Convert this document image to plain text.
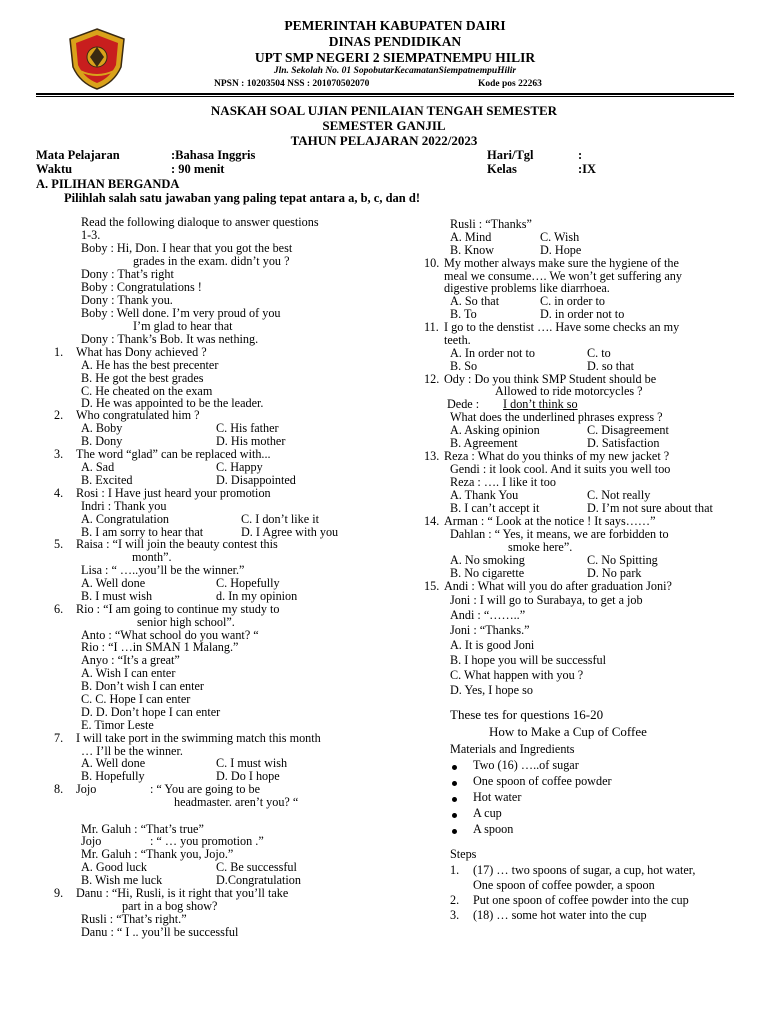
PEMERINTAH KABUPATEN DAIRI
DINAS PENDIDIKAN
UPT SMP NEGERI 2 SIEMPATNEMPU HILIR
Jln. Sekolah No. 01 SopobutarKecamatanSiempatnempuHilir
NPSN : 10203504 NSS : 201070502070	Kode pos 22263
NASKAH SOAL UJIAN PENILAIAN TENGAH SEMESTER
SEMESTER GANJIL
TAHUN PELAJARAN 2022/2023
Mata Pelajaran	:Bahasa Inggris
Waktu	: 90 menit
Hari/Tgl	:
Kelas	:IX
A. PILIHAN BERGANDA
Pilihlah salah satu jawaban yang paling tepat antara a, b, c, dan d!
Read the following dialoque to answer questions
1-3.
Boby : Hi, Don. I hear that you got the best
grades in the exam. didn’t you ?
Dony : That’s right
Boby : Congratulations !
Dony : Thank you.
Boby : Well done. I’m very proud of you
I’m glad to hear that
Dony : Thank’s Bob. It was nething.
1. What has Dony achieved ?
A. He has the best precenter
B. He got the best grades
C. He cheated on the exam
D. He was appointed to be the leader.
2. Who congratulated him ?
A. Boby	C. His father
B. Dony	D. His mother
3. The word “glad” can be replaced with...
A. Sad	C. Happy
B. Excited	D. Disappointed
4. Rosi : I Have just heard your promotion
Indri : Thank you
A. Congratulation	C. I don’t like it
B. I am sorry to hear that	D. I Agree with you
5. Raisa : “I will join the beauty contest this
month”.
Lisa : “ …..you’ll be the winner.”
A. Well done	C. Hopefully
B. I must wish	d. In my opinion
6. Rio : “I am going to continue my study to
senior high school”.
Anto : “What school do you want? “
Rio : “I …in SMAN 1 Malang.”
Anyo : “It’s a great”
A. Wish I can enter
B. Don’t wish I can enter
C. C. Hope I can enter
D. D. Don’t hope I can enter
E. Timor Leste
7. I will take port in the swimming match this month
… I’ll be the winner.
A. Well done	C. I must wish
B. Hopefully	D. Do I hope
8. Jojo	: “ You are going to be
headmaster. aren’t you? “
Mr. Galuh : “That’s true”
Jojo	: “ … you promotion .”
Mr. Galuh : “Thank you, Jojo.”
A. Good luck	C. Be successful
B. Wish me luck	D.Congratulation
9. Danu : “Hi, Rusli, is it right that you’ll take
part in a bog show?
Rusli : “That’s right.”
Danu : “ I .. you’ll be successful
Rusli : “Thanks”
A. Mind	C. Wish
B. Know	D. Hope
10. My mother always make sure the hygiene of the
meal we consume…. We won’t get suffering any
digestive problems like diarrhoea.
A. So that	C. in order to
B. To	D. in order not to
11. I go to the denstist …. Have some checks an my
teeth.
A. In order not to	C. to
B. So	D. so that
12. Ody : Do you think SMP Student should be
Allowed to ride motorcycles ?
Dede : I don’t think so
What does the underlined phrases express ?
A. Asking opinion	C. Disagreement
B. Agreement	D. Satisfaction
13. Reza : What do you thinks of my new jacket ?
Gendi : it look cool. And it suits you well too
Reza : …. I like it too
A. Thank You	C. Not really
B. I can’t accept it	D. I’m not sure about that
14. Arman : “ Look at the notice ! It says……”
Dahlan : “ Yes, it means, we are forbidden to
smoke here”.
A. No smoking	C. No Spitting
B. No cigarette	D. No park
15. Andi : What will you do after graduation Joni?
Joni : I will go to Surabaya, to get a job
Andi : “……..”
Joni : “Thanks.”
A. It is good Joni
B. I hope you will be successful
C. What happen with you ?
D. Yes, I hope so
These tes for questions 16-20
How to Make a Cup of Coffee
Materials and Ingredients
Two (16) …..of sugar
One spoon of coffee powder
Hot water
A cup
A spoon
Steps
1. (17) … two spoons of sugar, a cup, hot water,
One spoon of coffee powder, a spoon
2. Put one spoon of coffee powder into the cup
3. (18) … some hot water into the cup
